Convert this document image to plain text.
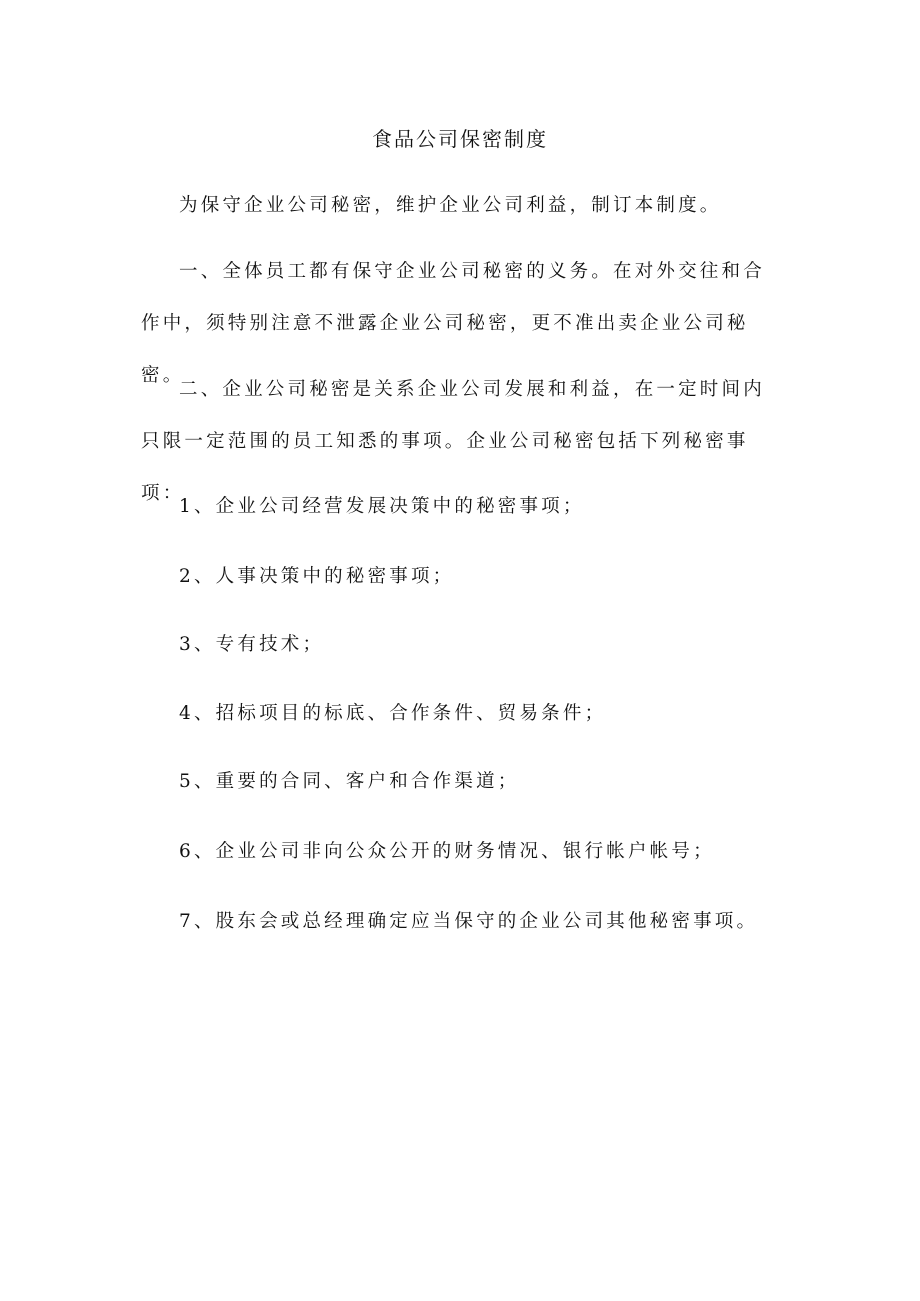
食品公司保密制度
为保守企业公司秘密，维护企业公司利益，制订本制度。
一、全体员工都有保守企业公司秘密的义务。在对外交往和合作中，须特别注意不泄露企业公司秘密，更不准出卖企业公司秘密。
二、企业公司秘密是关系企业公司发展和利益，在一定时间内只限一定范围的员工知悉的事项。企业公司秘密包括下列秘密事项：
1、企业公司经营发展决策中的秘密事项；
2、人事决策中的秘密事项；
3、专有技术；
4、招标项目的标底、合作条件、贸易条件；
5、重要的合同、客户和合作渠道；
6、企业公司非向公众公开的财务情况、银行帐户帐号；
7、股东会或总经理确定应当保守的企业公司其他秘密事项。
